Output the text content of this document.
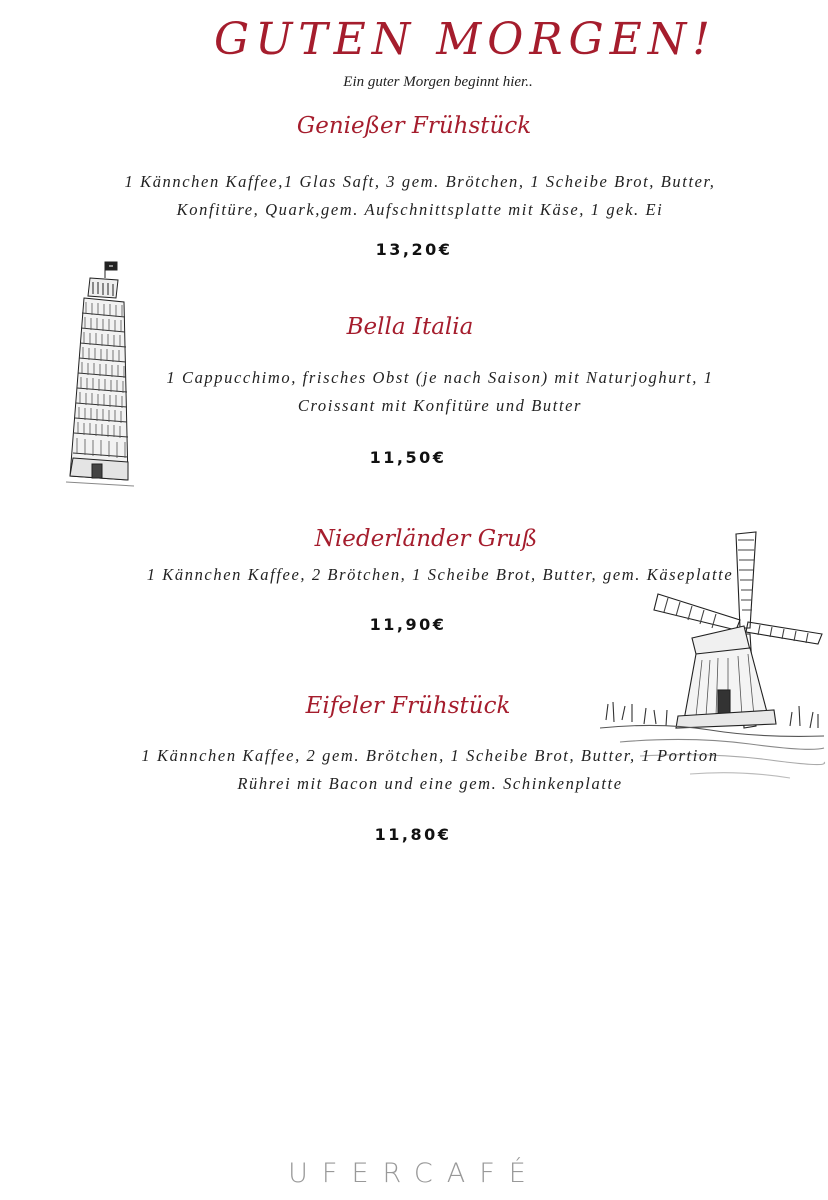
GUTEN MORGEN!
Ein guter Morgen beginnt hier..
Genießer Frühstück
1 Kännchen Kaffee,1 Glas Saft, 3 gem. Brötchen, 1 Scheibe Brot, Butter, Konfitüre, Quark,gem. Aufschnittsplatte mit Käse, 1 gek. Ei
13,20€
Bella Italia
1 Cappucchimo, frisches Obst (je nach Saison) mit Naturjoghurt, 1 Croissant mit Konfitüre und Butter
11,50€
Niederländer Gruß
1 Kännchen Kaffee, 2 Brötchen, 1 Scheibe Brot, Butter, gem. Käseplatte
11,90€
Eifeler Frühstück
1 Kännchen Kaffee, 2 gem. Brötchen, 1 Scheibe Brot, Butter, 1 Portion Rührei mit Bacon und eine gem. Schinkenplatte
11,80€
UFERCAFÉ
